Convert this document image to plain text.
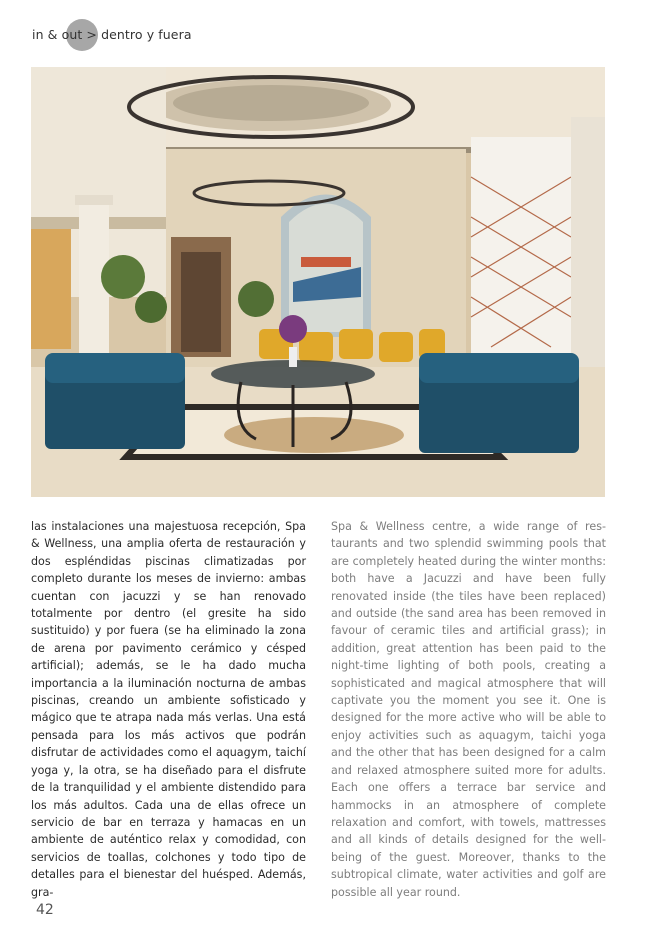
in & out > dentro y fuera
las instalaciones una majestuosa recepción, Spa & Wellness, una amplia oferta de restauración y dos espléndidas piscinas climatizadas por completo durante los meses de invierno: ambas cuentan con jacuzzi y se han renovado totalmente por dentro (el gresite ha sido sustituido) y por fuera (se ha eliminado la zona de arena por pavimento cerámico y césped artificial); además, se le ha dado mucha importancia a la iluminación nocturna de ambas piscinas, creando un ambiente sofisticado y mágico que te atrapa nada más verlas. Una está pensada para los más activos que podrán disfrutar de actividades como el aquagym, taichí yoga y, la otra, se ha diseñado para el disfrute de la tranquilidad y el ambiente distendido para los más adultos. Cada una de ellas ofrece un servicio de bar en terraza y hamacas en un ambiente de auténtico relax y comodidad, con servicios de toallas, colchones y todo tipo de detalles para el bienestar del huésped. Además, gra-
Spa & Wellness centre, a wide range of restaurants and two splendid swimming pools that are completely heated during the winter months: both have a Jacuzzi and have been fully renovated inside (the tiles have been replaced) and outside (the sand area has been removed in favour of ceramic tiles and artificial grass); in addition, great attention has been paid to the night-time lighting of both pools, creating a sophisticated and magical atmosphere that will captivate you the moment you see it. One is designed for the more active who will be able to enjoy activities such as aquagym, taichi yoga and the other that has been designed for a calm and relaxed atmosphere suited more for adults. Each one offers a terrace bar service and hammocks in an atmosphere of complete relaxation and comfort, with towels, mattresses and all kinds of details designed for the well-being of the guest. Moreover, thanks to the subtropical climate, water activities and golf are possible all year round.
42
